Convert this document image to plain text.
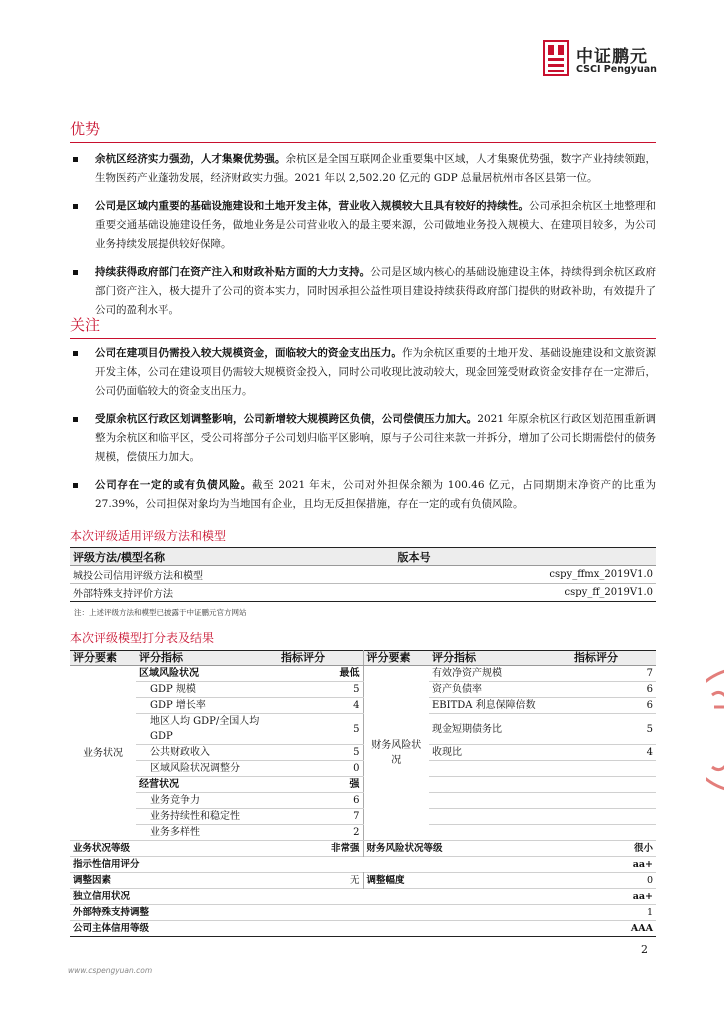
中证鹏元
CSCI Pengyuan
优势
余杭区经济实力强劲，人才集聚优势强。余杭区是全国互联网企业重要集中区域，人才集聚优势强，数字产业持续领跑，生物医药产业蓬勃发展，经济财政实力强。2021 年以 2,502.20 亿元的 GDP 总量居杭州市各区县第一位。
公司是区域内重要的基础设施建设和土地开发主体，营业收入规模较大且具有较好的持续性。公司承担余杭区土地整理和重要交通基础设施建设任务，做地业务是公司营业收入的最主要来源，公司做地业务投入规模大、在建项目较多，为公司业务持续发展提供较好保障。
持续获得政府部门在资产注入和财政补贴方面的大力支持。公司是区域内核心的基础设施建设主体，持续得到余杭区政府部门资产注入，极大提升了公司的资本实力，同时因承担公益性项目建设持续获得政府部门提供的财政补助，有效提升了公司的盈利水平。
关注
公司在建项目仍需投入较大规模资金，面临较大的资金支出压力。作为余杭区重要的土地开发、基础设施建设和文旅资源开发主体，公司在建设项目仍需较大规模资金投入，同时公司收现比波动较大，现金回笼受财政资金安排存在一定滞后，公司仍面临较大的资金支出压力。
受原余杭区行政区划调整影响，公司新增较大规模跨区负债，公司偿债压力加大。2021 年原余杭区行政区划范围重新调整为余杭区和临平区，受公司将部分子公司划归临平区影响，原与子公司往来款一并拆分，增加了公司长期需偿付的债务规模，偿债压力加大。
公司存在一定的或有负债风险。截至 2021 年末，公司对外担保余额为 100.46 亿元，占同期期末净资产的比重为 27.39%，公司担保对象均为当地国有企业，且均无反担保措施，存在一定的或有负债风险。
本次评级适用评级方法和模型
评级方法/模型名称	版本号
城投公司信用评级方法和模型	cspy_ffmx_2019V1.0
外部特殊支持评价方法	cspy_ff_2019V1.0
注：上述评级方法和模型已披露于中证鹏元官方网站
本次评级模型打分表及结果
评分要素	评分指标	指标评分	评分要素	评分指标	指标评分
业务状况	区域风险状况	最低	财务风险状况	有效净资产规模	7
	GDP 规模	5		资产负债率	6
	GDP 增长率	4		EBITDA 利息保障倍数	6
	地区人均 GDP/全国人均 GDP	5		现金短期债务比	5
	公共财政收入	5		收现比	4
	区域风险状况调整分	0			
	经营状况	强			
	业务竞争力	6			
	业务持续性和稳定性	7			
	业务多样性	2			
业务状况等级		非常强	财务风险状况等级		很小
指示性信用评分					aa+
调整因素		无	调整幅度		0
独立信用状况					aa+
外部特殊支持调整					1
公司主体信用等级					AAA
2
www.cspengyuan.com
